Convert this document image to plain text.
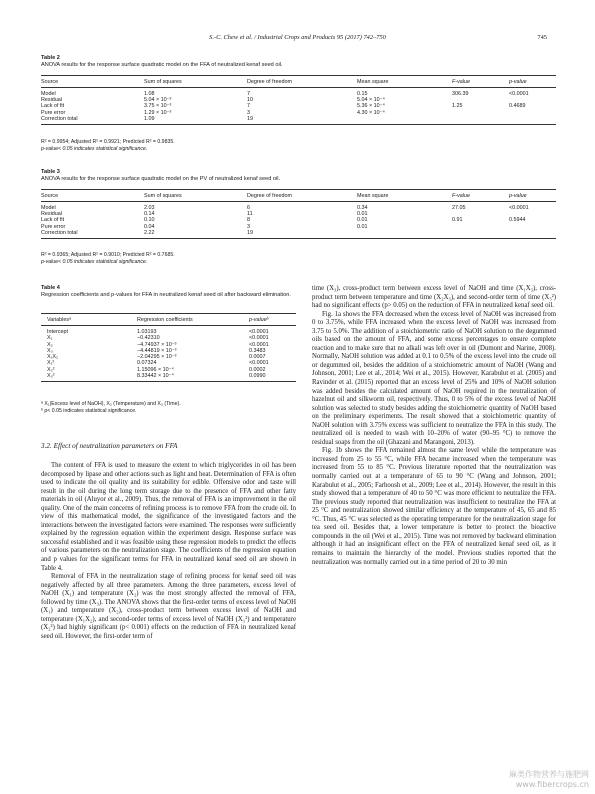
S.-C. Chew et al. / Industrial Crops and Products 95 (2017) 742–750	745
Table 2
ANOVA results for the response surface quadratic model on the FFA of neutralized kenaf seed oil.
Source	Sum of squares	Degree of freedom	Mean square	F-value	p-value
Model	1.08	7	0.15	306.39	<0.0001
Residual	5.04 × 10⁻³	10	5.04 × 10⁻⁴		
Lack of fit	3.75 × 10⁻³	7	5.36 × 10⁻⁴	1.25	0.4689
Pure error	1.29 × 10⁻³	3	4.30 × 10⁻⁴		
Correction total	1.09	19			
R² = 0.9954; Adjusted R² = 0.9921; Predicted R² = 0.9835.
p-value< 0.05 indicates statistical significance.
Table 3
ANOVA results for the response surface quadratic model on the PV of neutralized kenaf seed oil.
Source	Sum of squares	Degree of freedom	Mean square	F-value	p-value
Model	2.03	6	0.34	27.05	<0.0001
Residual	0.14	11	0.01		
Lack of fit	0.10	8	0.01	0.91	0.5944
Pure error	0.04	3	0.01		
Correction total	2.22	19			
R² = 0.9365; Adjusted R² = 0.9010; Predicted R² = 0.7685.
p-value< 0.05 indicates statistical significance.
Table 4
Regression coefficients and p-values for FFA in neutralized kenaf seed oil after backward elimination.
Variablesᵃ	Regression coefficients	p-valueᵇ
Intercept	1.03193	<0.0001
X₁	−0.42310	<0.0001
X₂	−4.74937 × 10⁻³	<0.0001
X₃	−4.44819 × 10⁻³	0.3483
X₁X₂	−2.04295 × 10⁻³	0.0007
X₁²	0.07324	<0.0001
X₂²	1.15096 × 10⁻⁴	0.0002
X₃²	8.33442 × 10⁻⁴	0.0990
ᵃ X₁(Excess level of NaOH), X₂ (Temperature) and X₃ (Time).
ᵇ p< 0.05 indicates statistical significance.
3.2. Effect of neutralization parameters on FFA

The content of FFA is used to measure the extent to which triglycerides in oil has been decomposed by lipase and other actions such as light and heat. Determination of FFA is often used to indicate the oil quality and its suitability for edible. Offensive odor and taste will result in the oil during the long term storage due to the presence of FFA and other fatty materials in oil (Aluyor et al., 2009). Thus, the removal of FFA is an improvement in the oil quality. One of the main concerns of refining process is to remove FFA from the crude oil. In view of this mathematical model, the significance of the investigated factors and the interactions between the investigated factors were examined. The responses were sufficiently explained by the regression equation within the experiment design. Response surface was successful established and it was feasible using these regression models to predict the effects of various parameters on the neutralization stage. The coefficients of the regression equation and p values for the significant terms for FFA in neutralized kenaf seed oil are shown in Table 4.

Removal of FFA in the neutralization stage of refining process for kenaf seed oil was negatively affected by all three parameters. Among the three parameters, excess level of NaOH (X₁) and temperature (X₂) was the most strongly affected the removal of FFA, followed by time (X₃). The ANOVA shows that the first-order terms of excess level of NaOH (X₁) and temperature (X₂), cross-product term between excess level of NaOH and temperature (X₁X₂), and second-order terms of excess level of NaOH (X₁²) and temperature (X₂²) had highly significant (p< 0.001) effects on the reduction of FFA in neutralized kenaf seed oil. However, the first-order term of

time (X₃), cross-product term between excess level of NaOH and time (X₁X₃), cross-product term between temperature and time (X₂X₃), and second-order term of time (X₃²) had no significant effects (p> 0.05) on the reduction of FFA in neutralized kenaf seed oil.

Fig. 1a shows the FFA decreased when the excess level of NaOH was increased from 0 to 3.75%, while FFA increased when the excess level of NaOH was increased from 3.75 to 5.0%. The addition of a stoichiometric ratio of NaOH solution to the degummed oils based on the amount of FFA, and some excess percentages to ensure complete reaction and to make sure that no alkali was left over in oil (Dumont and Narine, 2008). Normally, NaOH solution was added at 0.1 to 0.5% of the excess level into the crude oil or degummed oil, besides the addition of a stoichiometric amount of NaOH (Wang and Johnson, 2001; Lee et al., 2014; Wei et al., 2015). However, Karabulut et al. (2005) and Ravinder et al. (2015) reported that an excess level of 25% and 10% of NaOH solution was added besides the calculated amount of NaOH required in the neutralization of hazelnut oil and silkworm oil, respectively. Thus, 0 to 5% of the excess level of NaOH solution was selected to study besides adding the stoichiometric quantity of NaOH based on the preliminary experiments. The result showed that a stoichiometric quantity of NaOH solution with 3.75% excess was sufficient to neutralize the FFA in this study. The neutralized oil is needed to wash with 10–20% of water (90–95 °C) to remove the residual soaps from the oil (Ghazani and Marangoni, 2013).

Fig. 1b shows the FFA remained almost the same level while the temperature was increased from 25 to 55 °C, while FFA became increased when the temperature was increased from 55 to 85 °C. Previous literature reported that the neutralization was normally carried out at a temperature of 65 to 90 °C (Wang and Johnson, 2001; Karabulut et al., 2005; Farhoosh et al., 2009; Lee et al., 2014). However, the result in this study showed that a temperature of 40 to 50 °C was more efficient to neutralize the FFA. The previous study reported that neutralization was insufficient to neutralize the FFA at 25 °C and neutralization showed similar efficiency at the temperature of 45, 65 and 85 °C. Thus, 45 °C was selected as the operating temperature for the neutralization stage for tea seed oil. Besides that, a lower temperature is better to protect the bioactive compounds in the oil (Wei et al., 2015). Time was not removed by backward elimination although it had an insignificant effect on the FFA of neutralized kenaf seed oil, as it remains to maintain the hierarchy of the model. Previous studies reported that the neutralization was normally carried out in a time period of 20 to 30 min

麻类作物营养与施肥网
www.fibercrops.cn
